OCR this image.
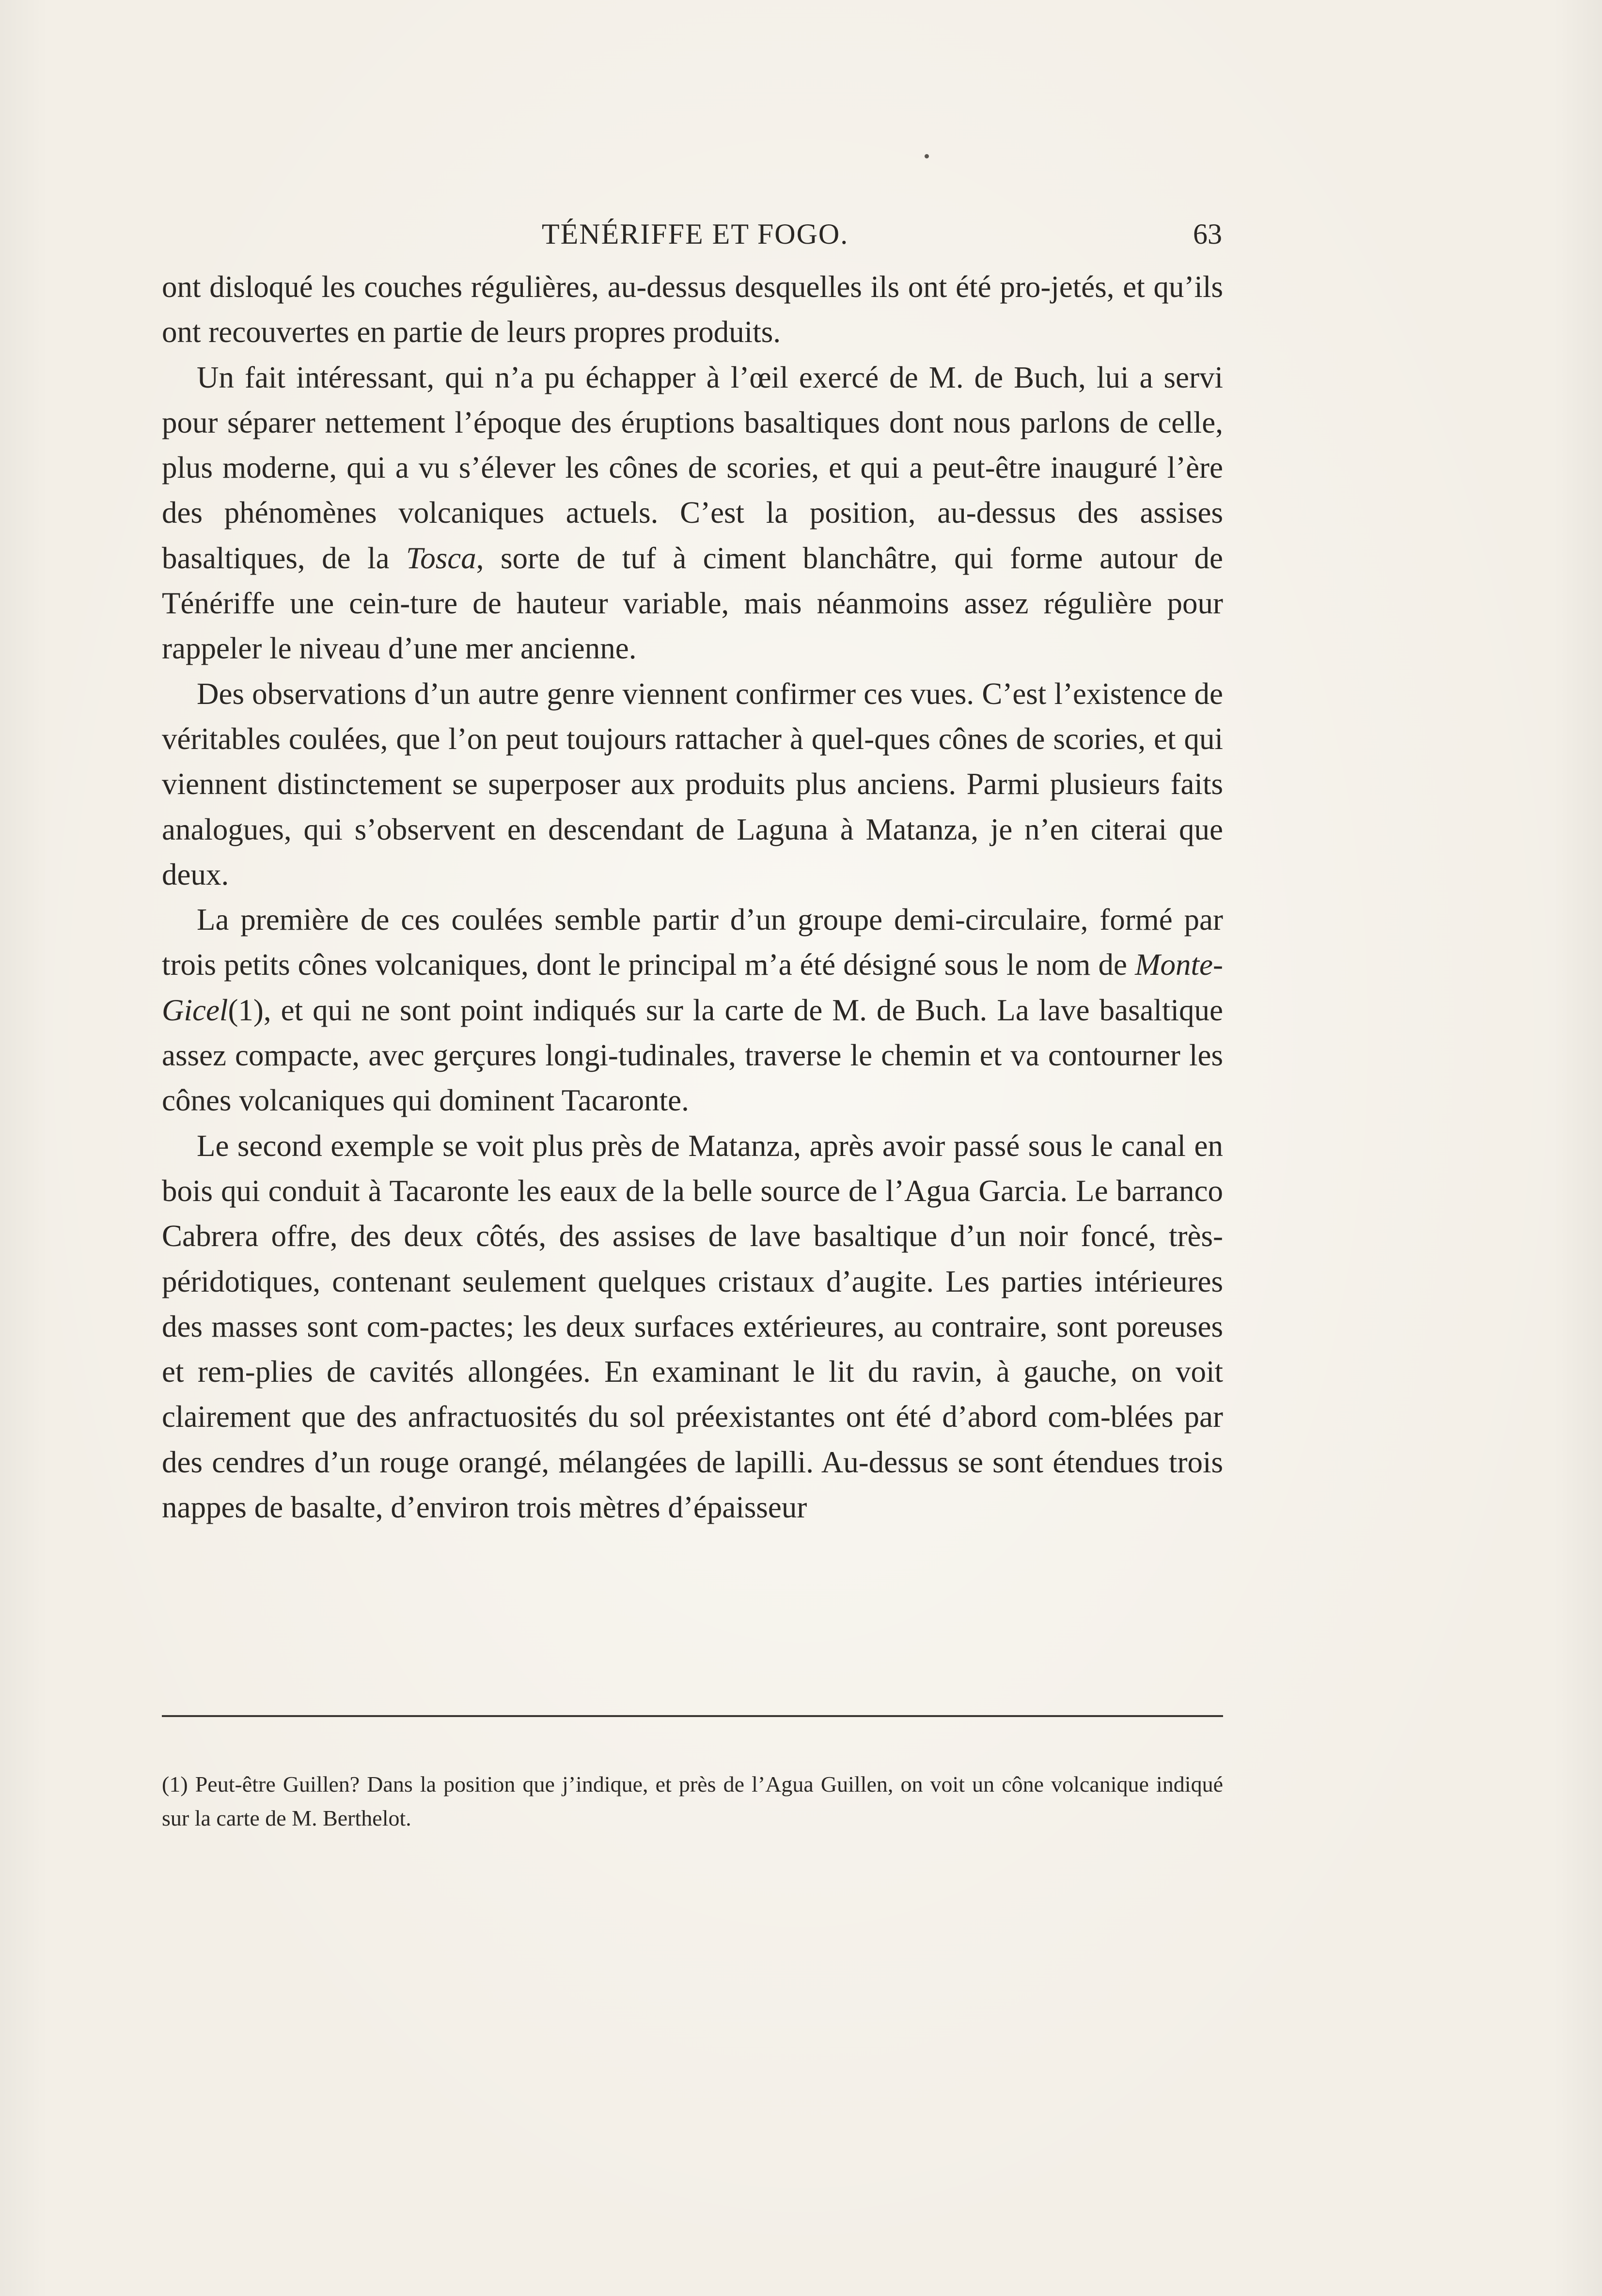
TÉNÉRIFFE ET FOGO.	63

ont disloqué les couches régulières, au-dessus desquelles ils ont été pro-jetés, et qu’ils ont recouvertes en partie de leurs propres produits.

Un fait intéressant, qui n’a pu échapper à l’œil exercé de M. de Buch, lui a servi pour séparer nettement l’époque des éruptions basaltiques dont nous parlons de celle, plus moderne, qui a vu s’élever les cônes de scories, et qui a peut-être inauguré l’ère des phénomènes volcaniques actuels. C’est la position, au-dessus des assises basaltiques, de la Tosca, sorte de tuf à ciment blanchâtre, qui forme autour de Ténériffe une cein-ture de hauteur variable, mais néanmoins assez régulière pour rappeler le niveau d’une mer ancienne.

Des observations d’un autre genre viennent confirmer ces vues. C’est l’existence de véritables coulées, que l’on peut toujours rattacher à quel-ques cônes de scories, et qui viennent distinctement se superposer aux produits plus anciens. Parmi plusieurs faits analogues, qui s’observent en descendant de Laguna à Matanza, je n’en citerai que deux.

La première de ces coulées semble partir d’un groupe demi-circulaire, formé par trois petits cônes volcaniques, dont le principal m’a été désigné sous le nom de Monte-Gicel(1), et qui ne sont point indiqués sur la carte de M. de Buch. La lave basaltique assez compacte, avec gerçures longi-tudinales, traverse le chemin et va contourner les cônes volcaniques qui dominent Tacaronte.

Le second exemple se voit plus près de Matanza, après avoir passé sous le canal en bois qui conduit à Tacaronte les eaux de la belle source de l’Agua Garcia. Le barranco Cabrera offre, des deux côtés, des assises de lave basaltique d’un noir foncé, très-péridotiques, contenant seulement quelques cristaux d’augite. Les parties intérieures des masses sont com-pactes; les deux surfaces extérieures, au contraire, sont poreuses et rem-plies de cavités allongées. En examinant le lit du ravin, à gauche, on voit clairement que des anfractuosités du sol préexistantes ont été d’abord com-blées par des cendres d’un rouge orangé, mélangées de lapilli. Au-dessus se sont étendues trois nappes de basalte, d’environ trois mètres d’épaisseur

(1) Peut-être Guillen? Dans la position que j’indique, et près de l’Agua Guillen, on voit un cône volcanique indiqué sur la carte de M. Berthelot.
